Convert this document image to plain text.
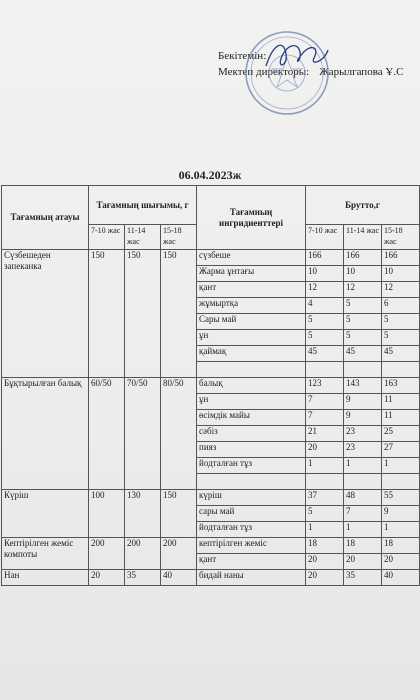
Бекітемін:
Мектеп директоры: Жарылгапова Ұ.С
06.04.2023ж
Тағамның атауы	Тағамның шығымы, г			Тағамның ингридиенттері	Брутто,г		
	7-10 жас	11-14 жас	15-18 жас		7-10 жас	11-14 жас	15-18 жас
Сүзбешеден запеканка	150	150	150	сүзбеше	166	166	166
				Жарма ұнтағы	10	10	10
				қант	12	12	12
				жұмыртқа	4	5	6
				Сары май	5	5	5
				ұн	5	5	5
				қаймақ	45	45	45

Бұқтырылған балық	60/50	70/50	80/50	балық	123	143	163
				ұн	7	9	11
				өсімдік майы	7	9	11
				сәбіз	21	23	25
				пияз	20	23	27
				йодталған тұз	1	1	1

Күріш	100	130	150	күріш	37	48	55
				сары май	5	7	9
				йодталған тұз	1	1	1
Кептірілген жеміс компоты	200	200	200	кептірілген жеміс	18	18	18
				қант	20	20	20
Нан	20	35	40	бидай наны	20	35	40
